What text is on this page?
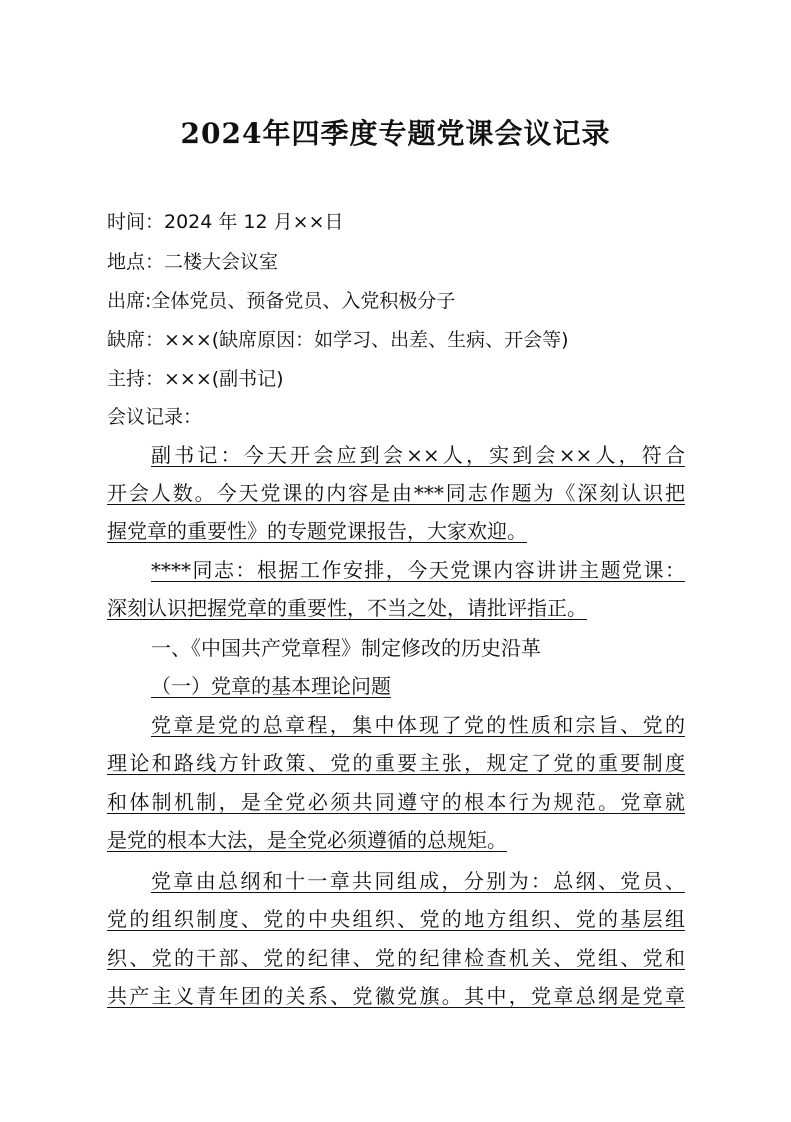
2024年四季度专题党课会议记录
时间：2024 年 12 月××日
地点：二楼大会议室
出席:全体党员、预备党员、入党积极分子
缺席：×××(缺席原因：如学习、出差、生病、开会等)
主持：×××(副书记)
会议记录：
副书记：今天开会应到会××人，实到会××人，符合
开会人数。今天党课的内容是由***同志作题为《深刻认识把
握党章的重要性》的专题党课报告，大家欢迎。
****同志：根据工作安排，今天党课内容讲讲主题党课：
深刻认识把握党章的重要性，不当之处，请批评指正。
一、《中国共产党章程》制定修改的历史沿革
（一）党章的基本理论问题
党章是党的总章程，集中体现了党的性质和宗旨、党的
理论和路线方针政策、党的重要主张，规定了党的重要制度
和体制机制，是全党必须共同遵守的根本行为规范。党章就
是党的根本大法，是全党必须遵循的总规矩。
党章由总纲和十一章共同组成，分别为：总纲、党员、
党的组织制度、党的中央组织、党的地方组织、党的基层组
织、党的干部、党的纪律、党的纪律检查机关、党组、党和
共产主义青年团的关系、党徽党旗。其中，党章总纲是党章
